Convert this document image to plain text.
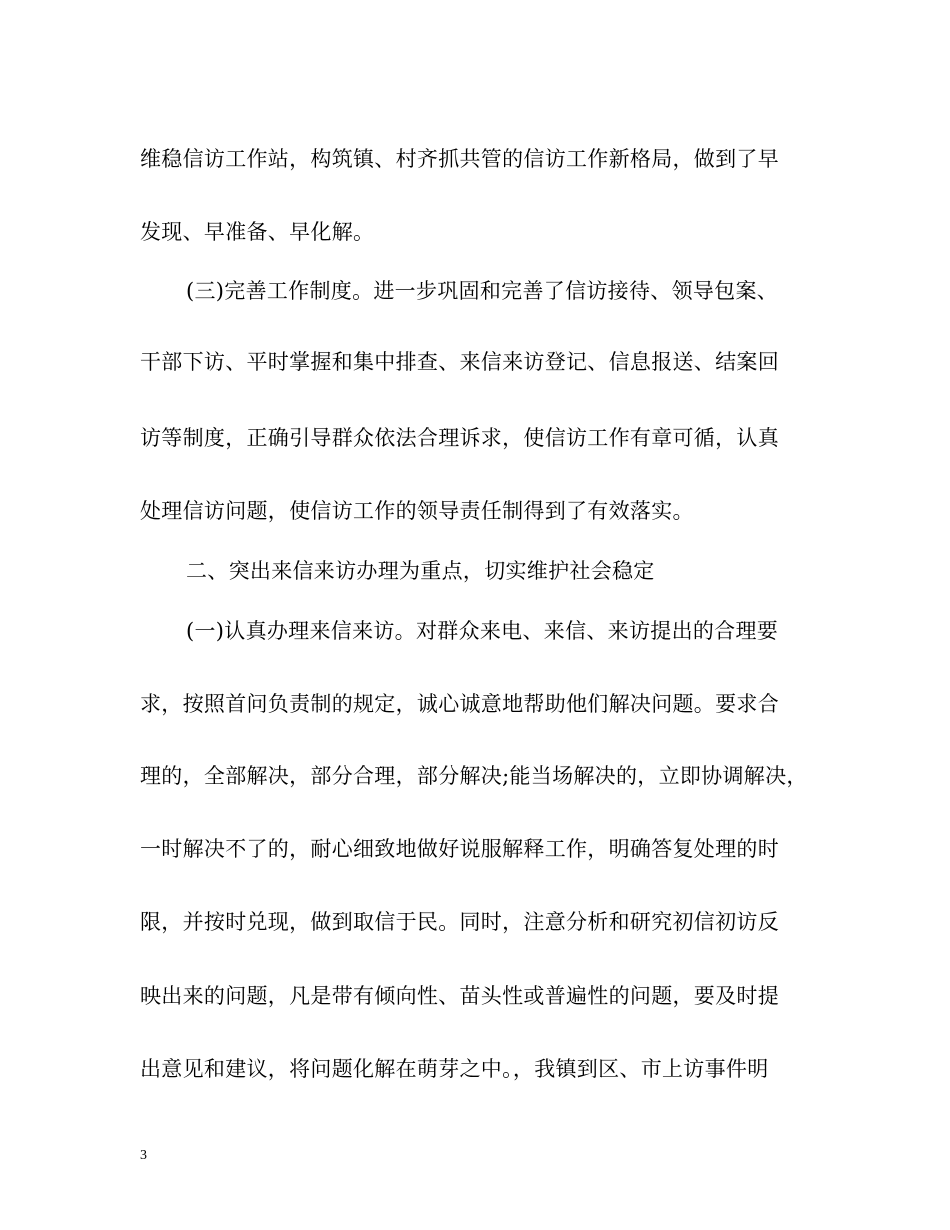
维稳信访工作站，构筑镇、村齐抓共管的信访工作新格局，做到了早
发现、早准备、早化解。
(三)完善工作制度。进一步巩固和完善了信访接待、领导包案、
干部下访、平时掌握和集中排查、来信来访登记、信息报送、结案回
访等制度，正确引导群众依法合理诉求，使信访工作有章可循，认真
处理信访问题，使信访工作的领导责任制得到了有效落实。
二、突出来信来访办理为重点，切实维护社会稳定
(一)认真办理来信来访。对群众来电、来信、来访提出的合理要
求，按照首问负责制的规定，诚心诚意地帮助他们解决问题。要求合
理的，全部解决，部分合理，部分解决;能当场解决的，立即协调解决，
一时解决不了的，耐心细致地做好说服解释工作，明确答复处理的时
限，并按时兑现，做到取信于民。同时，注意分析和研究初信初访反
映出来的问题，凡是带有倾向性、苗头性或普遍性的问题，要及时提
出意见和建议，将问题化解在萌芽之中。，我镇到区、市上访事件明
3
